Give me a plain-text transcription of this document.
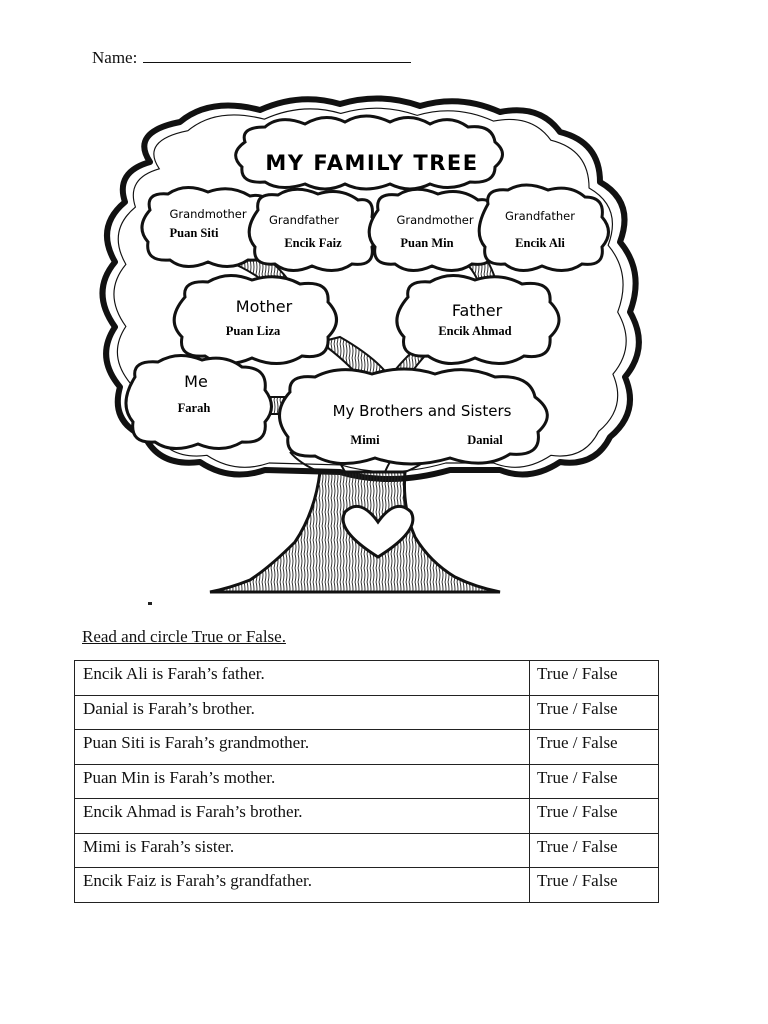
Name:
MY FAMILY TREE
Grandmother
Puan Siti
Grandfather
Encik Faiz
Grandmother
Puan Min
Grandfather
Encik Ali
Mother
Puan Liza
Father
Encik Ahmad
Me
Farah	My Brothers and Sisters
Mimi	Danial
Read and circle True or False.
Encik Ali is Farah’s father.	True / False
Danial is Farah’s brother.	True / False
Puan Siti is Farah’s grandmother.	True / False
Puan Min is Farah’s mother.	True / False
Encik Ahmad is Farah’s brother.	True / False
Mimi is Farah’s sister.	True / False
Encik Faiz is Farah’s grandfather.	True / False
